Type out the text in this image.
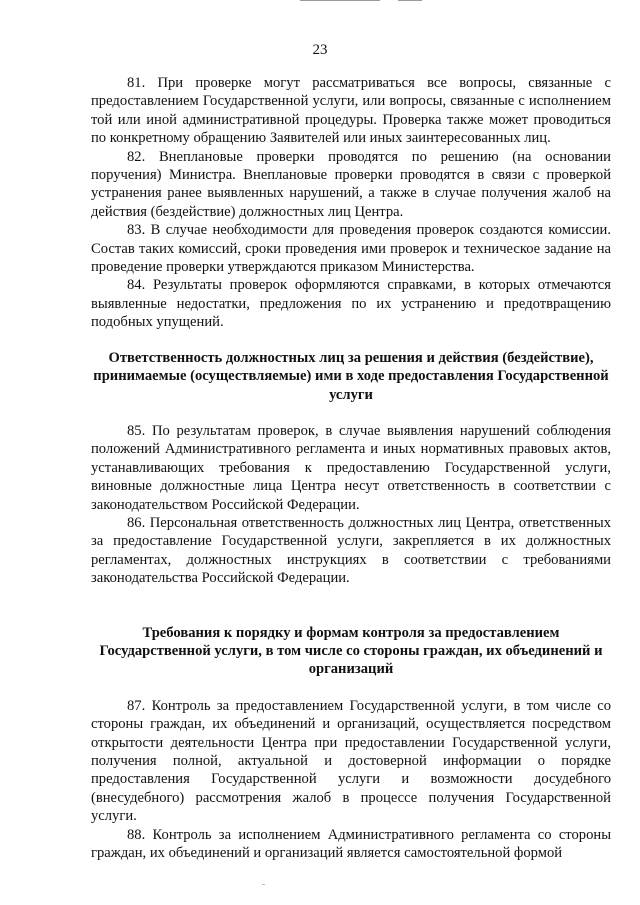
23

81. При проверке могут рассматриваться все вопросы, связанные с предоставлением Государственной услуги, или вопросы, связанные с исполнением той или иной административной процедуры. Проверка также может проводиться по конкретному обращению Заявителей или иных заинтересованных лиц.

82. Внеплановые проверки проводятся по решению (на основании поручения) Министра. Внеплановые проверки проводятся в связи с проверкой устранения ранее выявленных нарушений, а также в случае получения жалоб на действия (бездействие) должностных лиц Центра.

83. В случае необходимости для проведения проверок создаются комиссии. Состав таких комиссий, сроки проведения ими проверок и техническое задание на проведение проверки утверждаются приказом Министерства.

84. Результаты проверок оформляются справками, в которых отмечаются выявленные недостатки, предложения по их устранению и предотвращению подобных упущений.

Ответственность должностных лиц за решения и действия (бездействие), принимаемые (осуществляемые) ими в ходе предоставления Государственной услуги

85. По результатам проверок, в случае выявления нарушений соблюдения положений Административного регламента и иных нормативных правовых актов, устанавливающих требования к предоставлению Государственной услуги, виновные должностные лица Центра несут ответственность в соответствии с законодательством Российской Федерации.

86. Персональная ответственность должностных лиц Центра, ответственных за предоставление Государственной услуги, закрепляется в их должностных регламентах, должностных инструкциях в соответствии с требованиями законодательства Российской Федерации.

Требования к порядку и формам контроля за предоставлением Государственной услуги, в том числе со стороны граждан, их объединений и организаций

87. Контроль за предоставлением Государственной услуги, в том числе со стороны граждан, их объединений и организаций, осуществляется посредством открытости деятельности Центра при предоставлении Государственной услуги, получения полной, актуальной и достоверной информации о порядке предоставления Государственной услуги и возможности досудебного (внесудебного) рассмотрения жалоб в процессе получения Государственной услуги.

88. Контроль за исполнением Административного регламента со стороны граждан, их объединений и организаций является самостоятельной формой
